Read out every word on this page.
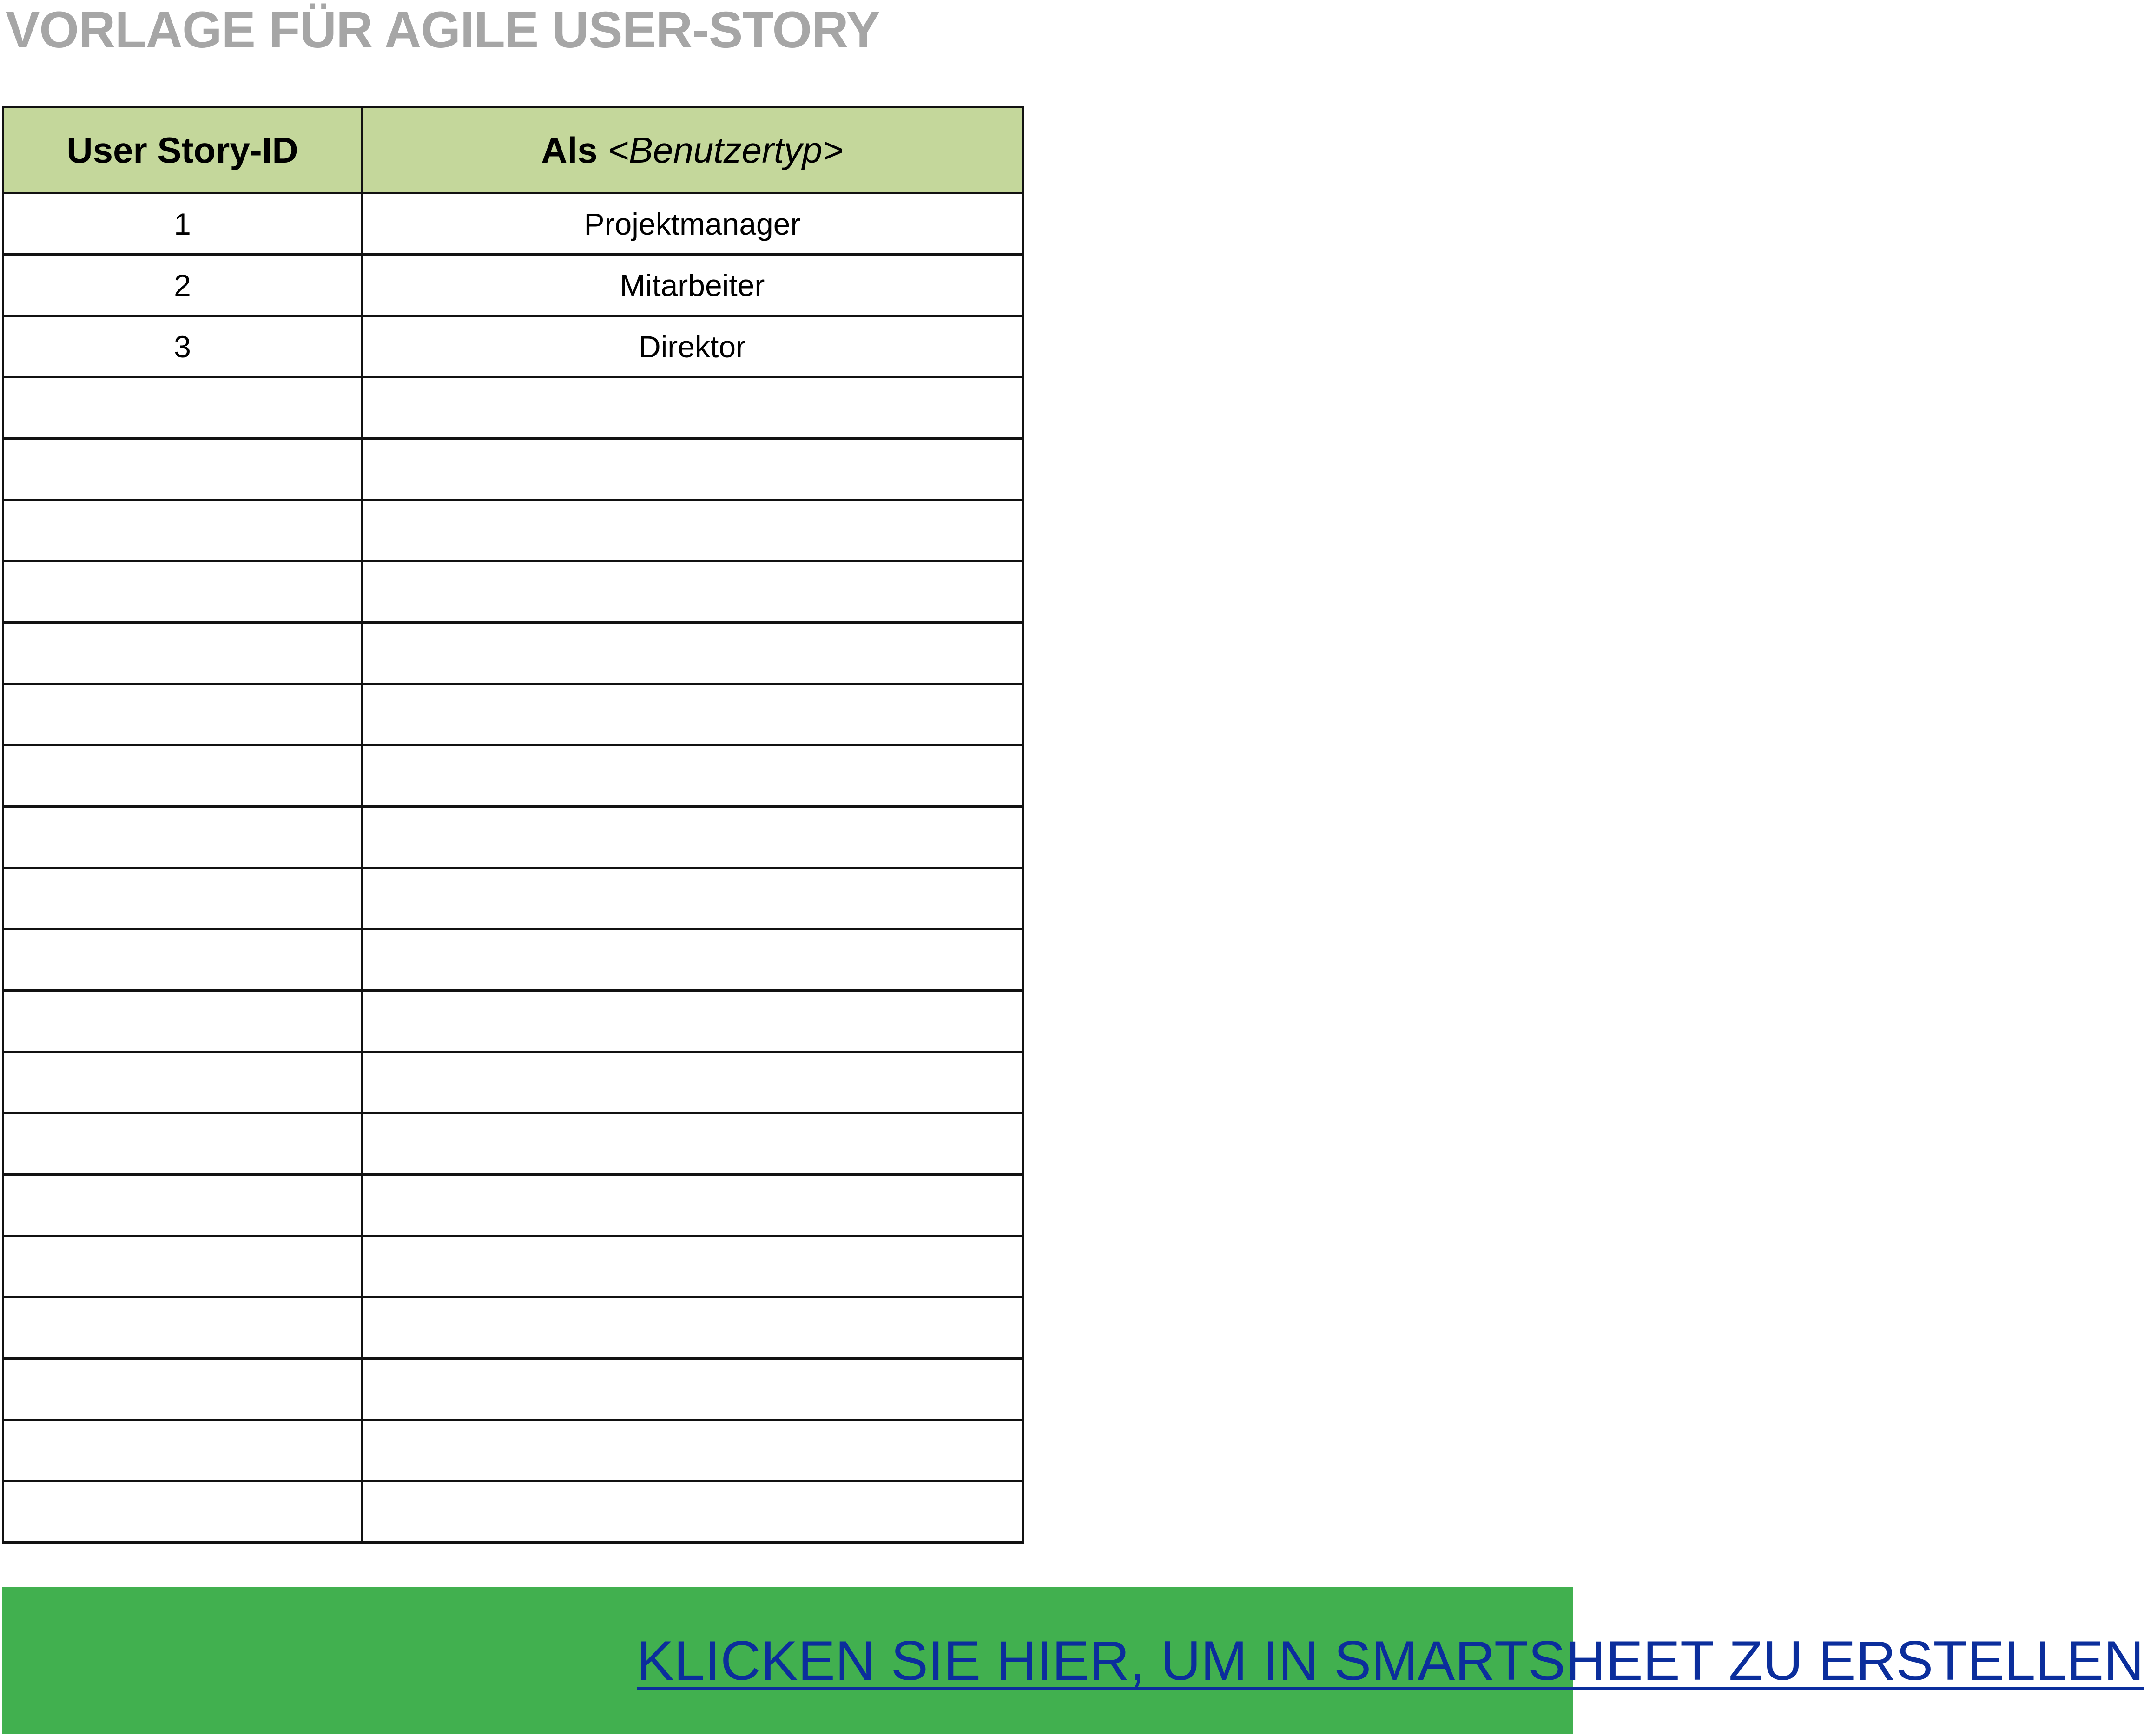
VORLAGE FÜR AGILE USER-STORY
User Story-ID	Als <Benutzertyp>
1	Projektmanager
2	Mitarbeiter
3	Direktor

KLICKEN SIE HIER, UM IN SMARTSHEET ZU ERSTELLEN
